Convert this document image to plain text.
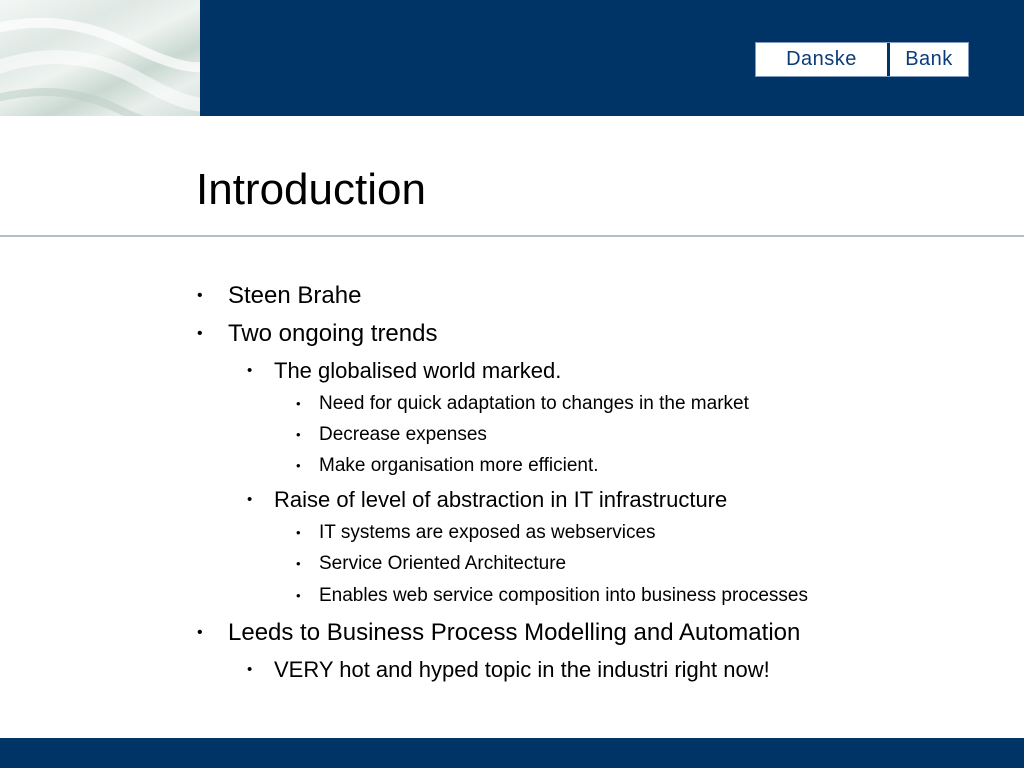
Danske	Bank
Introduction
• Steen Brahe
• Two ongoing trends
• The globalised world marked.
• Need for quick adaptation to changes in the market
• Decrease expenses
• Make organisation more efficient.
• Raise of level of abstraction in IT infrastructure
• IT systems are exposed as webservices
• Service Oriented Architecture
• Enables web service composition into business processes
• Leeds to Business Process Modelling and Automation
• VERY hot and hyped topic in the industri right now!
